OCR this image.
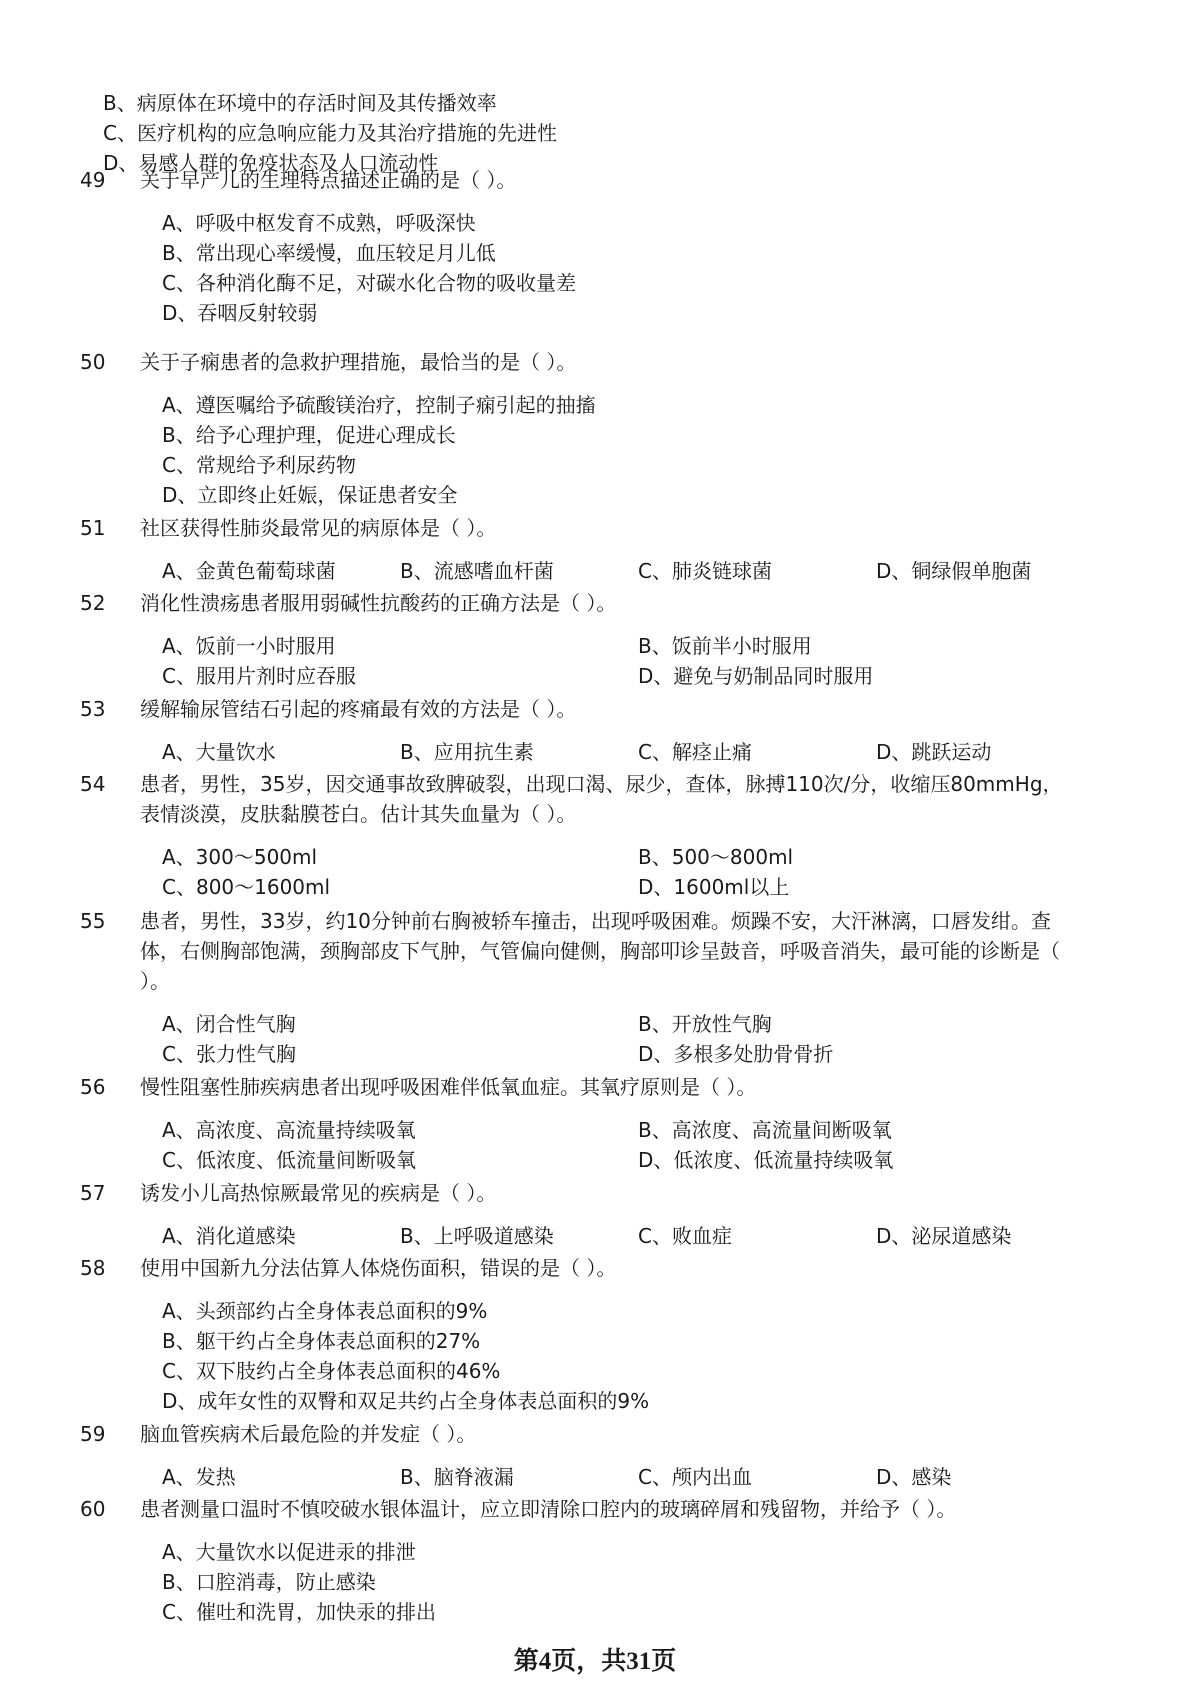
B、病原体在环境中的存活时间及其传播效率
C、医疗机构的应急响应能力及其治疗措施的先进性
D、易感人群的免疫状态及人口流动性
49	关于早产儿的生理特点描述正确的是（ ）。
A、呼吸中枢发育不成熟，呼吸深快
B、常出现心率缓慢，血压较足月儿低
C、各种消化酶不足，对碳水化合物的吸收量差
D、吞咽反射较弱
50	关于子痫患者的急救护理措施，最恰当的是（ ）。
A、遵医嘱给予硫酸镁治疗，控制子痫引起的抽搐
B、给予心理护理，促进心理成长
C、常规给予利尿药物
D、立即终止妊娠，保证患者安全
51	社区获得性肺炎最常见的病原体是（ ）。
A、金黄色葡萄球菌	B、流感嗜血杆菌	C、肺炎链球菌	D、铜绿假单胞菌
52	消化性溃疡患者服用弱碱性抗酸药的正确方法是（ ）。
A、饭前一小时服用	B、饭前半小时服用
C、服用片剂时应吞服	D、避免与奶制品同时服用
53	缓解输尿管结石引起的疼痛最有效的方法是（ ）。
A、大量饮水	B、应用抗生素	C、解痉止痛	D、跳跃运动
54	患者，男性，35岁，因交通事故致脾破裂，出现口渴、尿少，查体，脉搏110次/分，收缩压80mmHg，表情淡漠，皮肤黏膜苍白。估计其失血量为（ ）。
A、300～500ml	B、500～800ml
C、800～1600ml	D、1600ml以上
55	患者，男性，33岁，约10分钟前右胸被轿车撞击，出现呼吸困难。烦躁不安，大汗淋漓，口唇发绀。查体，右侧胸部饱满，颈胸部皮下气肿，气管偏向健侧，胸部叩诊呈鼓音，呼吸音消失，最可能的诊断是（ ）。
A、闭合性气胸	B、开放性气胸
C、张力性气胸	D、多根多处肋骨骨折
56	慢性阻塞性肺疾病患者出现呼吸困难伴低氧血症。其氧疗原则是（ ）。
A、高浓度、高流量持续吸氧	B、高浓度、高流量间断吸氧
C、低浓度、低流量间断吸氧	D、低浓度、低流量持续吸氧
57	诱发小儿高热惊厥最常见的疾病是（ ）。
A、消化道感染	B、上呼吸道感染	C、败血症	D、泌尿道感染
58	使用中国新九分法估算人体烧伤面积，错误的是（ ）。
A、头颈部约占全身体表总面积的9%
B、躯干约占全身体表总面积的27%
C、双下肢约占全身体表总面积的46%
D、成年女性的双臀和双足共约占全身体表总面积的9%
59	脑血管疾病术后最危险的并发症（ ）。
A、发热	B、脑脊液漏	C、颅内出血	D、感染
60	患者测量口温时不慎咬破水银体温计，应立即清除口腔内的玻璃碎屑和残留物，并给予（ ）。
A、大量饮水以促进汞的排泄
B、口腔消毒，防止感染
C、催吐和洗胃，加快汞的排出
第4页，共31页
